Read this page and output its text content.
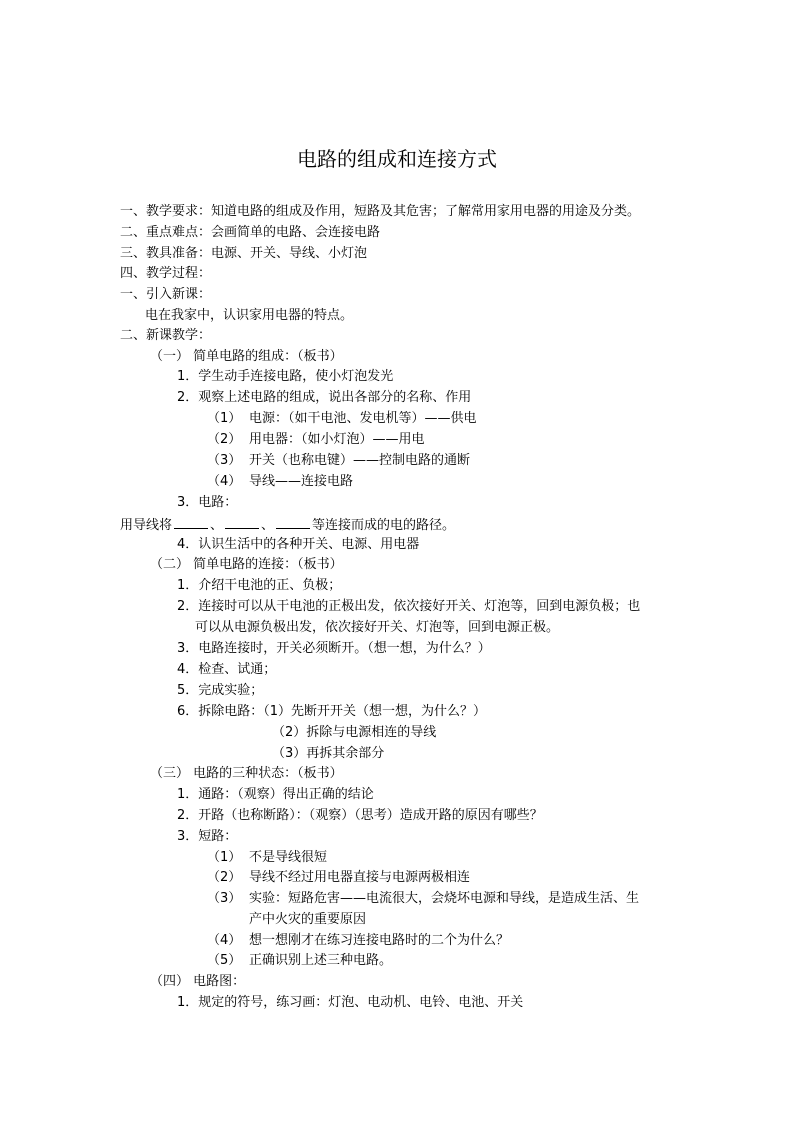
电路的组成和连接方式
一、教学要求：知道电路的组成及作用，短路及其危害；了解常用家用电器的用途及分类。
二、重点难点：会画简单的电路、会连接电路
三、教具准备：电源、开关、导线、小灯泡
四、教学过程：
一、引入新课：
电在我家中，认识家用电器的特点。
二、新课教学：
（一） 简单电路的组成：（板书）
1．学生动手连接电路，使小灯泡发光
2．观察上述电路的组成，说出各部分的名称、作用
（1） 电源：（如干电池、发电机等）——供电
（2） 用电器：（如小灯泡）——用电
（3） 开关（也称电键）——控制电路的通断
（4） 导线——连接电路
3．电路：
用导线将	、	、	等连接而成的电的路径。
4．认识生活中的各种开关、电源、用电器
（二） 简单电路的连接：（板书）
1．介绍干电池的正、负极；
2．连接时可以从干电池的正极出发，依次接好开关、灯泡等，回到电源负极；也
可以从电源负极出发，依次接好开关、灯泡等，回到电源正极。
3．电路连接时，开关必须断开。（想一想，为什么？）
4．检查、试通；
5．完成实验；
6．拆除电路：（1）先断开开关（想一想，为什么？）
（2）拆除与电源相连的导线
（3）再拆其余部分
（三） 电路的三种状态：（板书）
1．通路：（观察）得出正确的结论
2．开路（也称断路）：（观察）（思考）造成开路的原因有哪些？
3．短路：
（1） 不是导线很短
（2） 导线不经过用电器直接与电源两极相连
（3） 实验：短路危害——电流很大，会烧坏电源和导线，是造成生活、生
产中火灾的重要原因
（4） 想一想刚才在练习连接电路时的二个为什么？
（5） 正确识别上述三种电路。
（四） 电路图：
1．规定的符号，练习画：灯泡、电动机、电铃、电池、开关
